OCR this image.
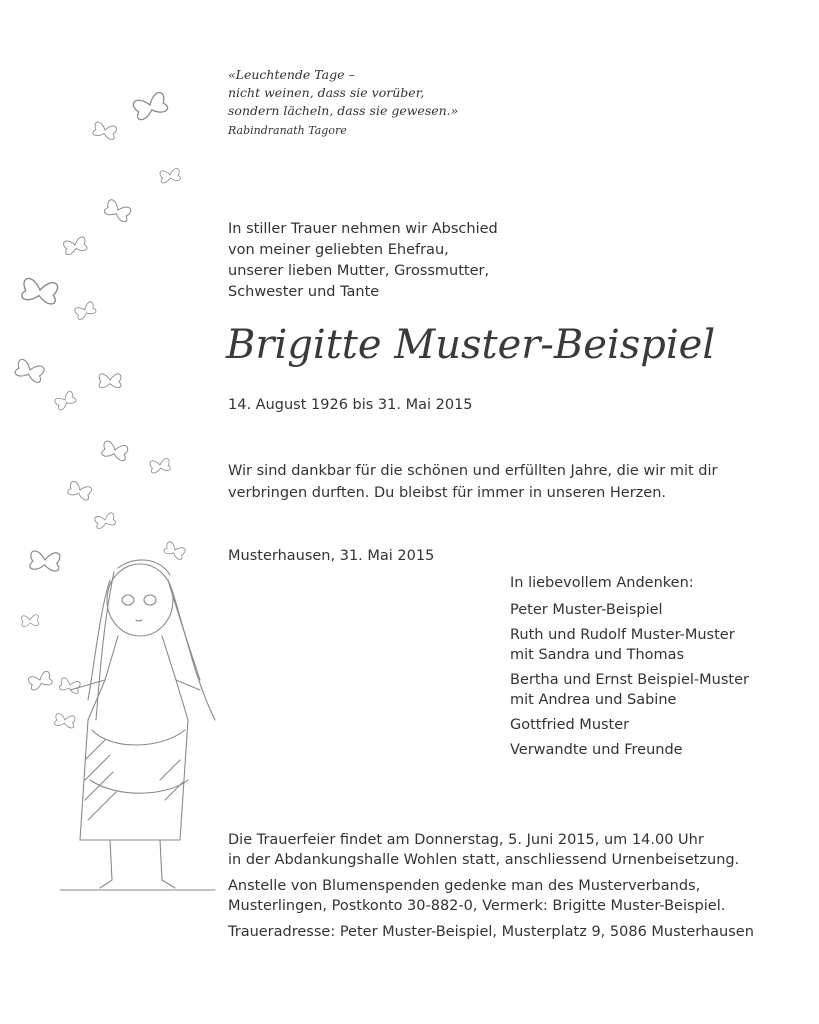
«Leuchtende Tage –
nicht weinen, dass sie vorüber,
sondern lächeln, dass sie gewesen.»
Rabindranath Tagore
In stiller Trauer nehmen wir Abschied
von meiner geliebten Ehefrau,
unserer lieben Mutter, Grossmutter,
Schwester und Tante
Brigitte Muster-Beispiel
14. August 1926 bis 31. Mai 2015
Wir sind dankbar für die schönen und erfüllten Jahre, die wir mit dir
verbringen durften. Du bleibst für immer in unseren Herzen.
Musterhausen, 31. Mai 2015
In liebevollem Andenken:
Peter Muster-Beispiel
Ruth und Rudolf Muster-Muster
mit Sandra und Thomas
Bertha und Ernst Beispiel-Muster
mit Andrea und Sabine
Gottfried Muster
Verwandte und Freunde

Die Trauerfeier findet am Donnerstag, 5. Juni 2015, um 14.00 Uhr

in der Abdankungshalle Wohlen statt, anschliessend Urnenbeisetzung.

Anstelle von Blumenspenden gedenke man des Musterverbands,

Musterlingen, Postkonto 30-882-0, Vermerk: Brigitte Muster-Beispiel.

Traueradresse: Peter Muster-Beispiel, Musterplatz 9, 5086 Musterhausen
